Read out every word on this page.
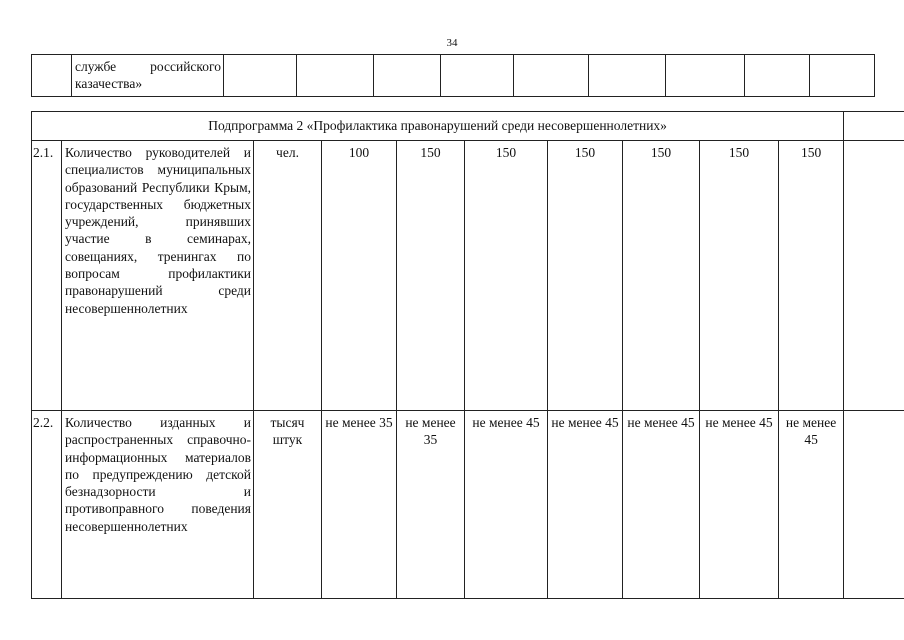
34
	службе российского казачества»									
Подпрограмма 2 «Профилактика правонарушений среди несовершеннолетних»										
2.1.	Количество руководителей и специалистов муниципальных образований Республики Крым, государственных бюджетных учреждений, принявших участие в семинарах, совещаниях, тренингах по вопросам профилактики правонарушений среди несовершеннолетних	чел.	100	150	150	150	150	150	150	
2.2.	Количество изданных и распространенных справочно-информационных материалов по предупреждению детской безнадзорности и противоправного поведения несовершеннолетних	тысяч штук	не менее 35	не менее 35	не менее 45	не менее 45	не менее 45	не менее 45	не менее 45	
